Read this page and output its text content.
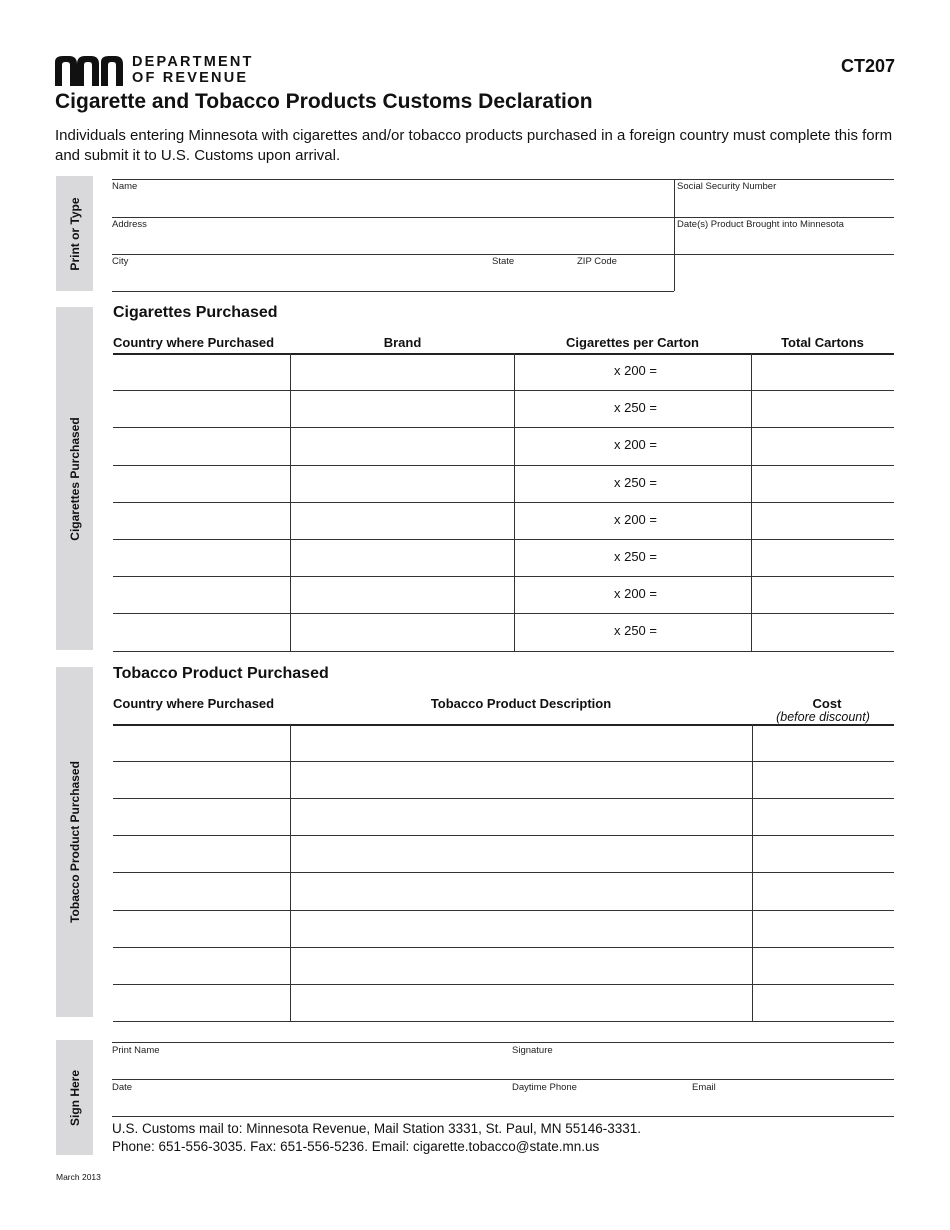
DEPARTMENT
OF REVENUE
CT207
Cigarette and Tobacco Products Customs Declaration
Individuals entering Minnesota with cigarettes and/or tobacco products purchased in a foreign country must complete this form and submit it to U.S. Customs upon arrival.
Print or Type
Cigarettes Purchased
Tobacco Product Purchased
Sign Here
Name	Social Security Number
Address	Date(s) Product Brought into Minnesota
City	State	ZIP Code
Cigarettes Purchased
Country where Purchased	Brand	Cigarettes per Carton	Total Cartons
x 200 =
x 250 =
x 200 =
x 250 =
x 200 =
x 250 =
x 200 =
x 250 =
Tobacco Product Purchased
Country where Purchased	Tobacco Product Description	Cost
(before discount)
Print Name	Signature
Date	Daytime Phone	Email
U.S. Customs mail to: Minnesota Revenue, Mail Station 3331, St. Paul, MN 55146-3331.
Phone: 651-556-3035. Fax: 651-556-5236. Email: cigarette.tobacco@state.mn.us
March 2013
